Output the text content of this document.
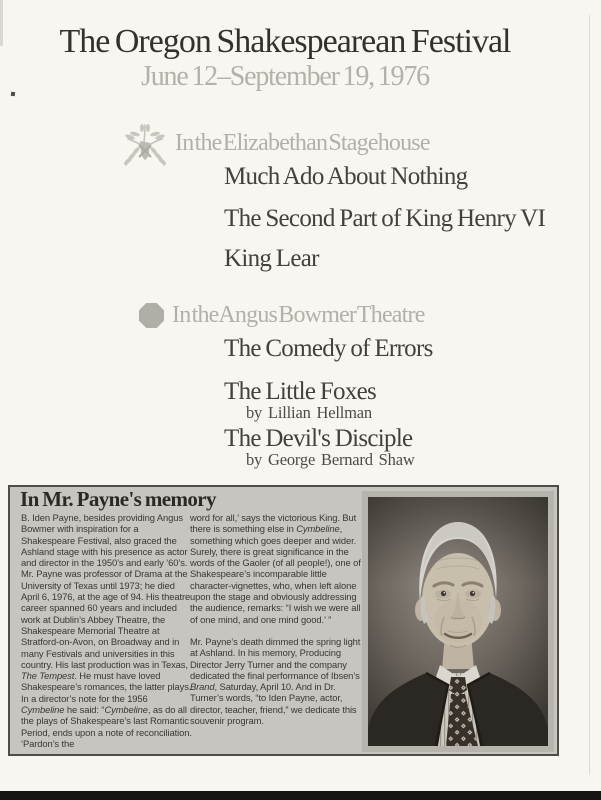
The Oregon Shakespearean Festival
June 12–September 19, 1976
In the Elizabethan Stagehouse
Much Ado About Nothing
The Second Part of King Henry VI
King Lear
In the Angus Bowmer Theatre
The Comedy of Errors
The Little Foxes
by Lillian Hellman
The Devil's Disciple
by George Bernard Shaw
In Mr. Payne's memory

B. Iden Payne, besides providing Angus Bowmer with inspiration for a Shakespeare Festival, also graced the Ashland stage with his presence as actor and director in the 1950’s and early ’60’s. Mr. Payne was professor of Drama at the University of Texas until 1973; he died April 6, 1976, at the age of 94. His theatre career spanned 60 years and included work at Dublin’s Abbey Theatre, the Shakespeare Memorial Theatre at Stratford-on-Avon, on Broadway and in many Festivals and universities in this country. His last production was in Texas, The Tempest. He must have loved Shakespeare’s romances, the latter plays. In a director’s note for the 1956 Cymbeline he said: “Cymbeline, as do all the plays of Shakespeare’s last Romantic Period, ends upon a note of reconciliation. ‘Pardon’s the

word for all,’ says the victorious King. But there is something else in Cymbeline, something which goes deeper and wider. Surely, there is great significance in the words of the Gaoler (of all people!), one of Shakespeare’s incomparable little character-vignettes, who, when left alone upon the stage and obviously addressing the audience, remarks: “I wish we were all of one mind, and one mind good.’ ”

Mr. Payne’s death dimmed the spring light at Ashland. In his memory, Producing Director Jerry Turner and the company dedicated the final performance of Ibsen’s Brand, Saturday, April 10. And in Dr. Turner’s words, “to Iden Payne, actor, director, teacher, friend,” we dedicate this souvenir program.
